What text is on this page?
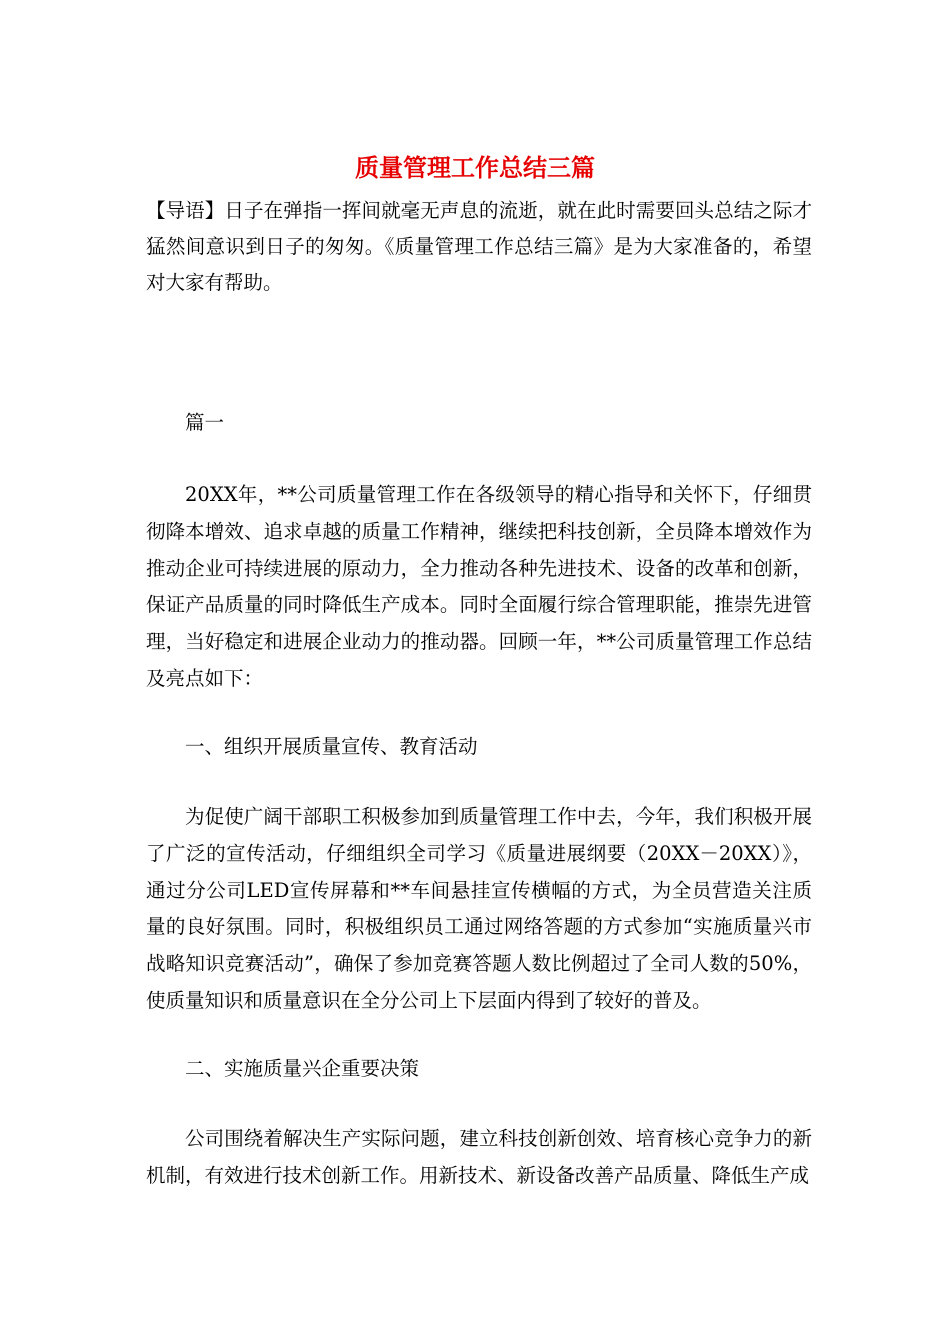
质量管理工作总结三篇
【导语】日子在弹指一挥间就毫无声息的流逝，就在此时需要回头总结之际才猛然间意识到日子的匆匆。《质量管理工作总结三篇》是为大家准备的，希望对大家有帮助。
篇一
20XX年，**公司质量管理工作在各级领导的精心指导和关怀下，仔细贯彻降本增效、追求卓越的质量工作精神，继续把科技创新，全员降本增效作为推动企业可持续进展的原动力，全力推动各种先进技术、设备的改革和创新，保证产品质量的同时降低生产成本。同时全面履行综合管理职能，推崇先进管理，当好稳定和进展企业动力的推动器。回顾一年，**公司质量管理工作总结及亮点如下：
一、组织开展质量宣传、教育活动
为促使广阔干部职工积极参加到质量管理工作中去，今年，我们积极开展了广泛的宣传活动，仔细组织全司学习《质量进展纲要（20XX－20XX）》，通过分公司LED宣传屏幕和**车间悬挂宣传横幅的方式，为全员营造关注质量的良好氛围。同时，积极组织员工通过网络答题的方式参加“实施质量兴市战略知识竞赛活动”，确保了参加竞赛答题人数比例超过了全司人数的50%，使质量知识和质量意识在全分公司上下层面内得到了较好的普及。
二、实施质量兴企重要决策
公司围绕着解决生产实际问题，建立科技创新创效、培育核心竞争力的新机制，有效进行技术创新工作。用新技术、新设备改善产品质量、降低生产成
